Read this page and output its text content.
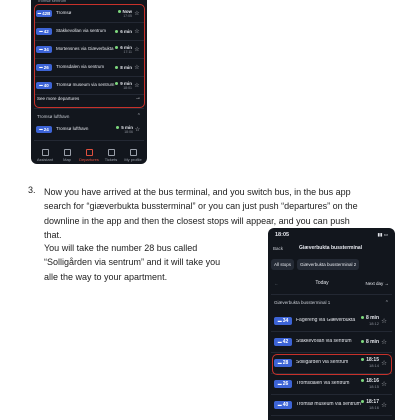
Tromsø sentrum
▬ 42B Tromsø	Now
17:05 ☆
▬ 42 Stakkevollan via sentrum	6 min ☆
▬ 34 Mortensnes via Giæverbukta	6 min
17:11 ☆
▬ 26 Tromsdalen via sentrum	8 min ☆
▬ 40 Tromsø museum via sentrum	9 min
18:01 ☆
See more departures	→
Tromsø lufthavn	⌃
▬ 24 Tromsø lufthavn	5 min
18:06 ☆
Assistant	Map Departures Tickets My profile
3. Now you have arrived at the bus terminal, and you switch bus, in the bus app
search for “giæverbukta bussterminal” or you can just push “departures” on the
downline in the app and then the closest stops will appear, and you can push
that.
You will take the number 28 bus called
“Solligården via sentrum” and it will take you
alle the way to your apartment.
18:05	▮▮ ▭
Back	Giæverbukta bussterminal
All stops	Giæverbukta bussterminal 2
←	Today	Next day →
Giæverbukta bussterminal 1	⌃
▬ 34 Fagereng via Giæverbukta	8 min
18:12 ☆
▬ 42 Stakkevollan via sentrum	8 min ☆
▬ 28 Solligården via sentrum	18:15
18:14 ☆
▬ 26 Tromsdalen via sentrum	18:16
18:15 ☆
▬ 40 Tromsø museum via sentrum	18:17
18:16 ☆
